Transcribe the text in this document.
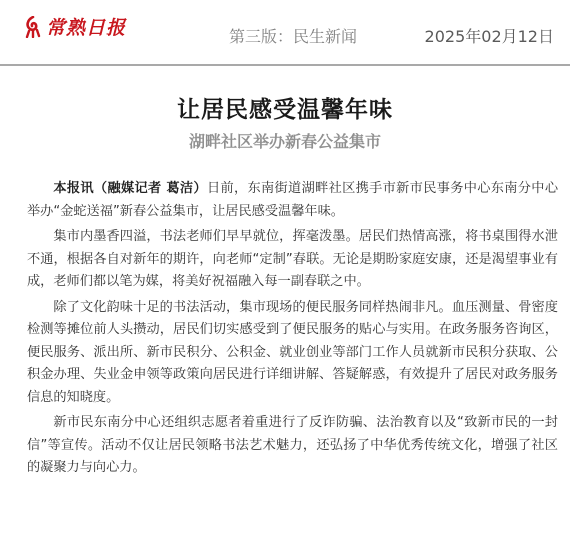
常熟日报	第三版：民生新闻	2025年02月12日
让居民感受温馨年味
湖畔社区举办新春公益集市

本报讯（融媒记者 葛洁）日前，东南街道湖畔社区携手市新市民事务中心东南分中心举办“金蛇送福”新春公益集市，让居民感受温馨年味。

集市内墨香四溢，书法老师们早早就位，挥毫泼墨。居民们热情高涨，将书桌围得水泄不通，根据各自对新年的期许，向老师“定制”春联。无论是期盼家庭安康，还是渴望事业有成，老师们都以笔为媒，将美好祝福融入每一副春联之中。

除了文化韵味十足的书法活动，集市现场的便民服务同样热闹非凡。血压测量、骨密度检测等摊位前人头攒动，居民们切实感受到了便民服务的贴心与实用。在政务服务咨询区，便民服务、派出所、新市民积分、公积金、就业创业等部门工作人员就新市民积分获取、公积金办理、失业金申领等政策向居民进行详细讲解、答疑解惑，有效提升了居民对政务服务信息的知晓度。

新市民东南分中心还组织志愿者着重进行了反诈防骗、法治教育以及“致新市民的一封信”等宣传。活动不仅让居民领略书法艺术魅力，还弘扬了中华优秀传统文化，增强了社区的凝聚力与向心力。
